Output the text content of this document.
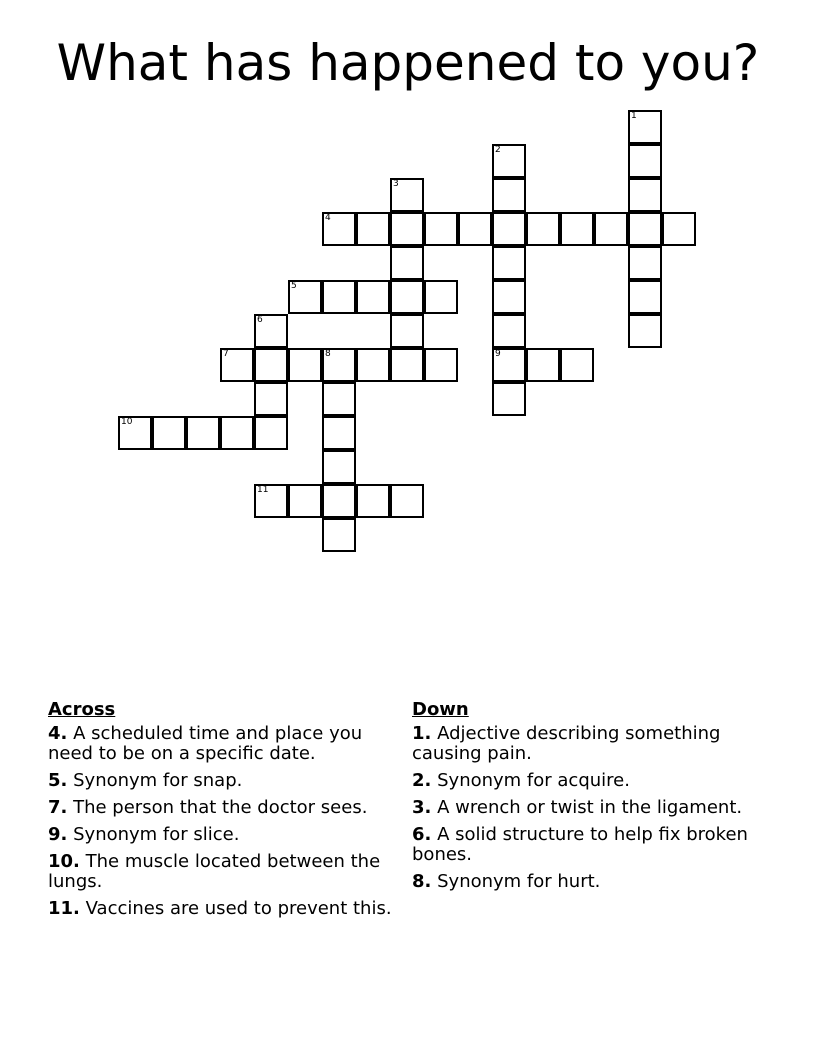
What has happened to you?
1
2
9
3
4
5
6
7	8
10
11
Across
4. A scheduled time and place you need to be on a specific date.
5. Synonym for snap.
7. The person that the doctor sees.
9. Synonym for slice.
10. The muscle located between the lungs.
11. Vaccines are used to prevent this.
Down
1. Adjective describing something causing pain.
2. Synonym for acquire.
3. A wrench or twist in the ligament.
6. A solid structure to help fix broken bones.
8. Synonym for hurt.
